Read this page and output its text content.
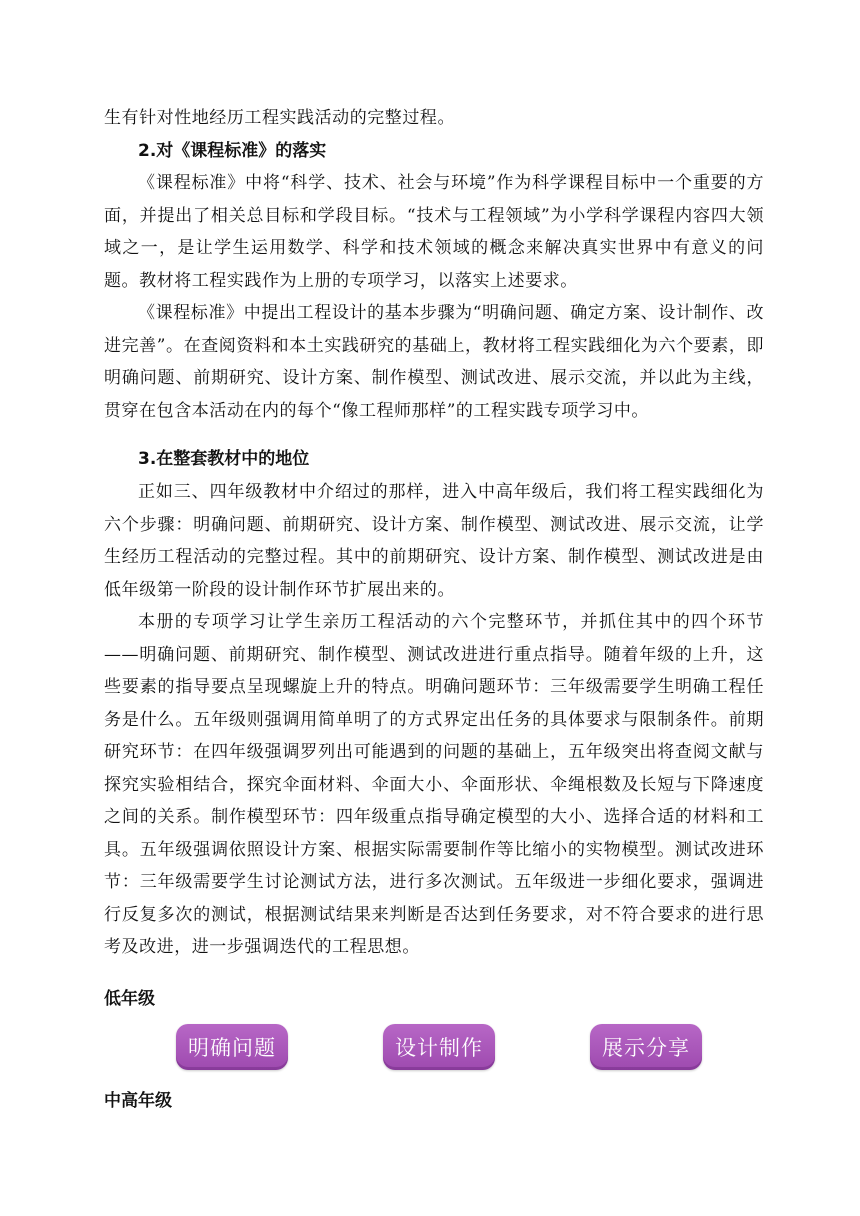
生有针对性地经历工程实践活动的完整过程。

2.对《课程标准》的落实

《课程标准》中将“科学、技术、社会与环境”作为科学课程目标中一个重要的方面，并提出了相关总目标和学段目标。“技术与工程领域”为小学科学课程内容四大领域之一，是让学生运用数学、科学和技术领域的概念来解决真实世界中有意义的问题。教材将工程实践作为上册的专项学习，以落实上述要求。

《课程标准》中提出工程设计的基本步骤为“明确问题、确定方案、设计制作、改进完善”。在查阅资料和本土实践研究的基础上，教材将工程实践细化为六个要素，即明确问题、前期研究、设计方案、制作模型、测试改进、展示交流，并以此为主线，贯穿在包含本活动在内的每个“像工程师那样”的工程实践专项学习中。

3.在整套教材中的地位

正如三、四年级教材中介绍过的那样，进入中高年级后，我们将工程实践细化为六个步骤：明确问题、前期研究、设计方案、制作模型、测试改进、展示交流，让学生经历工程活动的完整过程。其中的前期研究、设计方案、制作模型、测试改进是由低年级第一阶段的设计制作环节扩展出来的。

本册的专项学习让学生亲历工程活动的六个完整环节，并抓住其中的四个环节——明确问题、前期研究、制作模型、测试改进进行重点指导。随着年级的上升，这些要素的指导要点呈现螺旋上升的特点。明确问题环节：三年级需要学生明确工程任务是什么。五年级则强调用简单明了的方式界定出任务的具体要求与限制条件。前期研究环节：在四年级强调罗列出可能遇到的问题的基础上，五年级突出将查阅文献与探究实验相结合，探究伞面材料、伞面大小、伞面形状、伞绳根数及长短与下降速度之间的关系。制作模型环节：四年级重点指导确定模型的大小、选择合适的材料和工具。五年级强调依照设计方案、根据实际需要制作等比缩小的实物模型。测试改进环节：三年级需要学生讨论测试方法，进行多次测试。五年级进一步细化要求，强调进行反复多次的测试，根据测试结果来判断是否达到任务要求，对不符合要求的进行思考及改进，进一步强调迭代的工程思想。

低年级

中高年级

明确问题	设计制作	展示分享
